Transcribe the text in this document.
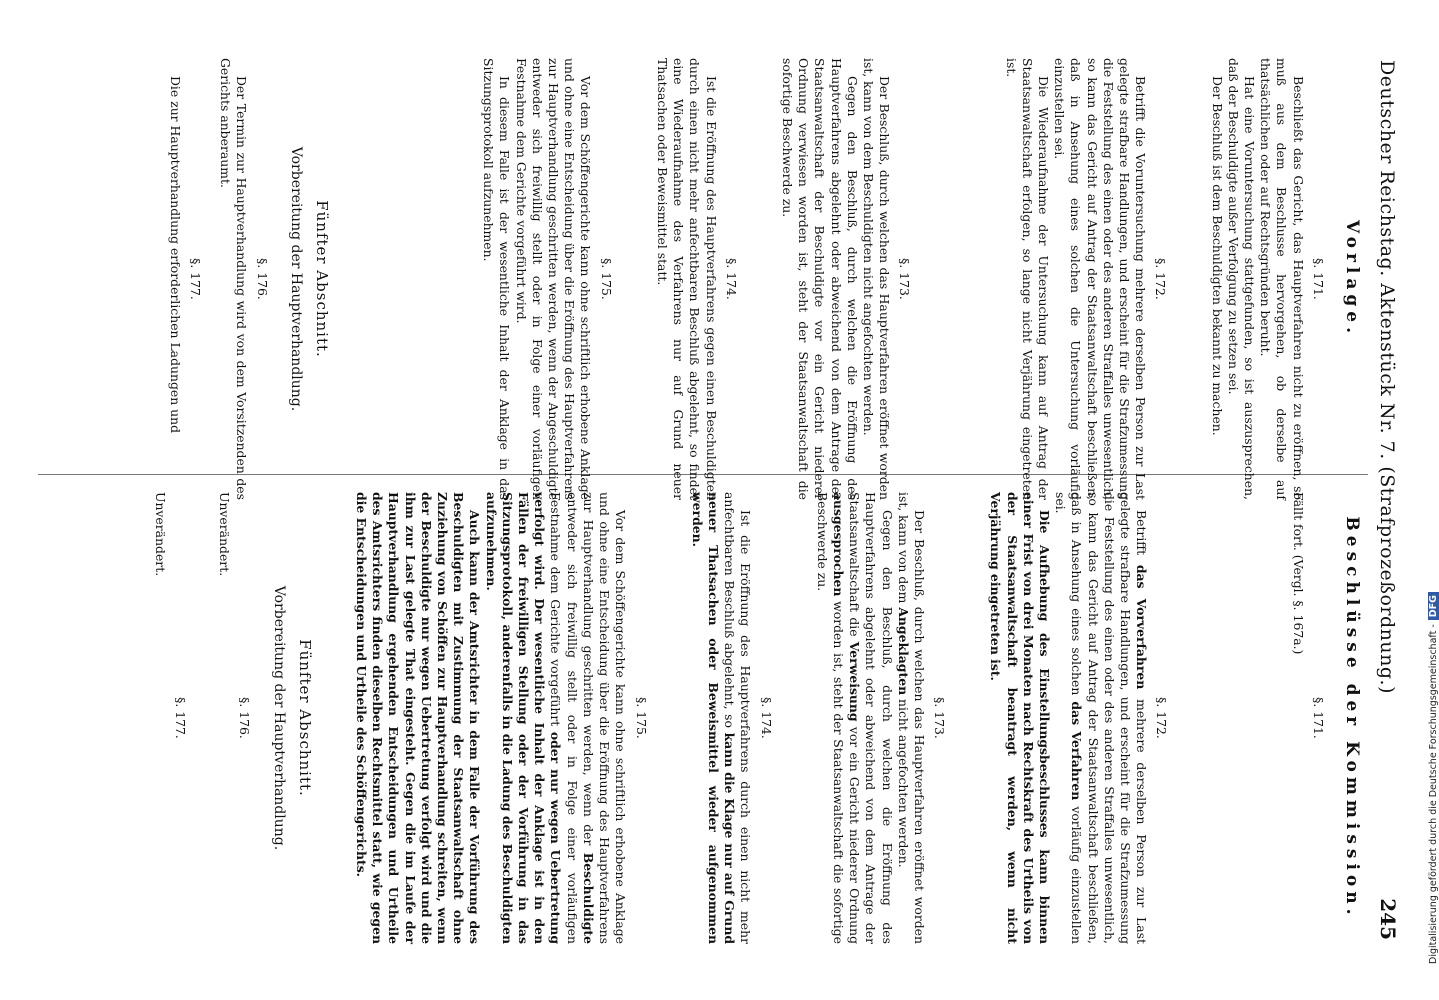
Deutscher Reichstag. Aktenstück Nr. 7. (Strafprozeßordnung.)
245
Vorlage.
§. 171.

Beschließt das Gericht, das Hauptverfahren nicht zu eröffnen, so muß aus dem Beschlusse hervorgehen, ob derselbe auf thatsächlichen oder auf Rechtsgründen beruht.

Hat eine Voruntersuchung stattgefunden, so ist auszusprechen, daß der Beschuldigte außer Verfolgung zu setzen sei.

Der Beschluß ist dem Beschuldigten bekannt zu machen.

§. 172.

Betrifft die Voruntersuchung mehrere derselben Person zur Last gelegte strafbare Handlungen, und erscheint für die Strafzumessung die Feststellung des einen oder des anderen Straffalles unwesentlich, so kann das Gericht auf Antrag der Staatsanwaltschaft beschließen, daß in Ansehung eines solchen die Untersuchung vorläufig einzustellen sei.

Die Wiederaufnahme der Untersuchung kann auf Antrag der Staatsanwaltschaft erfolgen, so lange nicht Verjährung eingetreten ist.

§. 173.

Der Beschluß, durch welchen das Hauptverfahren eröffnet worden ist, kann von dem Beschuldigten nicht angefochten werden.

Gegen den Beschluß, durch welchen die Eröffnung des Hauptverfahrens abgelehnt oder abweichend von dem Antrage der Staatsanwaltschaft der Beschuldigte vor ein Gericht niederer Ordnung verwiesen worden ist, steht der Staatsanwaltschaft die sofortige Beschwerde zu.

§. 174.

Ist die Eröffnung des Hauptverfahrens gegen einen Beschuldigten durch einen nicht mehr anfechtbaren Beschluß abgelehnt, so findet eine Wiederaufnahme des Verfahrens nur auf Grund neuer Thatsachen oder Beweismittel statt.

§. 175.

Vor dem Schöffengerichte kann ohne schriftlich erhobene Anklage und ohne eine Entscheidung über die Eröffnung des Hauptverfahrens zur Hauptverhandlung geschritten werden, wenn der Angeschuldigte entweder sich freiwillig stellt oder in Folge einer vorläufigen Festnahme dem Gerichte vorgeführt wird.

In diesem Falle ist der wesentliche Inhalt der Anklage in das Sitzungsprotokoll aufzunehmen.

Fünfter Abschnitt.
Vorbereitung der Hauptverhandlung.
§. 176.

Der Termin zur Hauptverhandlung wird von dem Vorsitzenden des Gerichts anberaumt.

§. 177.

Die zur Hauptverhandlung erforderlichen Ladungen und

Beschlüsse der Kommission.
§. 171.

Fällt fort. (Vergl. §. 167a.)

§. 172.

Betrifft das Vorverfahren mehrere derselben Person zur Last gelegte strafbare Handlungen, und erscheint für die Strafzumessung die Feststellung des einen oder des anderen Straffalles unwesentlich, so kann das Gericht auf Antrag der Staatsanwaltschaft beschließen, daß in Ansehung eines solchen das Verfahren vorläufig einzustellen sei.

Die Aufhebung des Einstellungsbeschlusses kann binnen einer Frist von drei Monaten nach Rechtskraft des Urtheils von der Staatsanwaltschaft beantragt werden, wenn nicht Verjährung eingetreten ist.

§. 173.

Der Beschluß, durch welchen das Hauptverfahren eröffnet worden ist, kann von dem Angeklagten nicht angefochten werden.

Gegen den Beschluß, durch welchen die Eröffnung des Hauptverfahrens abgelehnt oder abweichend von dem Antrage der Staatsanwaltschaft die Verweisung vor ein Gericht niederer Ordnung ausgesprochen worden ist, steht der Staatsanwaltschaft die sofortige Beschwerde zu.

§. 174.

Ist die Eröffnung des Hauptverfahrens durch einen nicht mehr anfechtbaren Beschluß abgelehnt, so kann die Klage nur auf Grund neuer Thatsachen oder Beweismittel wieder aufgenommen werden.

§. 175.

Vor dem Schöffengerichte kann ohne schriftlich erhobene Anklage und ohne eine Entscheidung über die Eröffnung des Hauptverfahrens zur Hauptverhandlung geschritten werden, wenn der Beschuldigte entweder sich freiwillig stellt oder in Folge einer vorläufigen Festnahme dem Gerichte vorgeführt oder nur wegen Uebertretung verfolgt wird. Der wesentliche Inhalt der Anklage ist in den Fällen der freiwilligen Stellung oder der Vorführung in das Sitzungsprotokoll, anderenfalls in die Ladung des Beschuldigten aufzunehmen.

Auch kann der Amtsrichter in dem Falle der Vorführung des Beschuldigten mit Zustimmung der Staatsanwaltschaft ohne Zuziehung von Schöffen zur Hauptverhandlung schreiten, wenn der Beschuldigte nur wegen Uebertretung verfolgt wird und die ihm zur Last gelegte That eingesteht. Gegen die im Laufe der Hauptverhandlung ergehenden Entscheidungen und Urtheile des Amtsrichters finden dieselben Rechtsmittel statt, wie gegen die Entscheidungen und Urtheile des Schöffengerichts.

Fünfter Abschnitt.
Vorbereitung der Hauptverhandlung.
§. 176.

Unverändert.

§. 177.

Unverändert.

Digitalisierung gefördert durch die Deutsche Forschungsgemeinschaft -DFG
